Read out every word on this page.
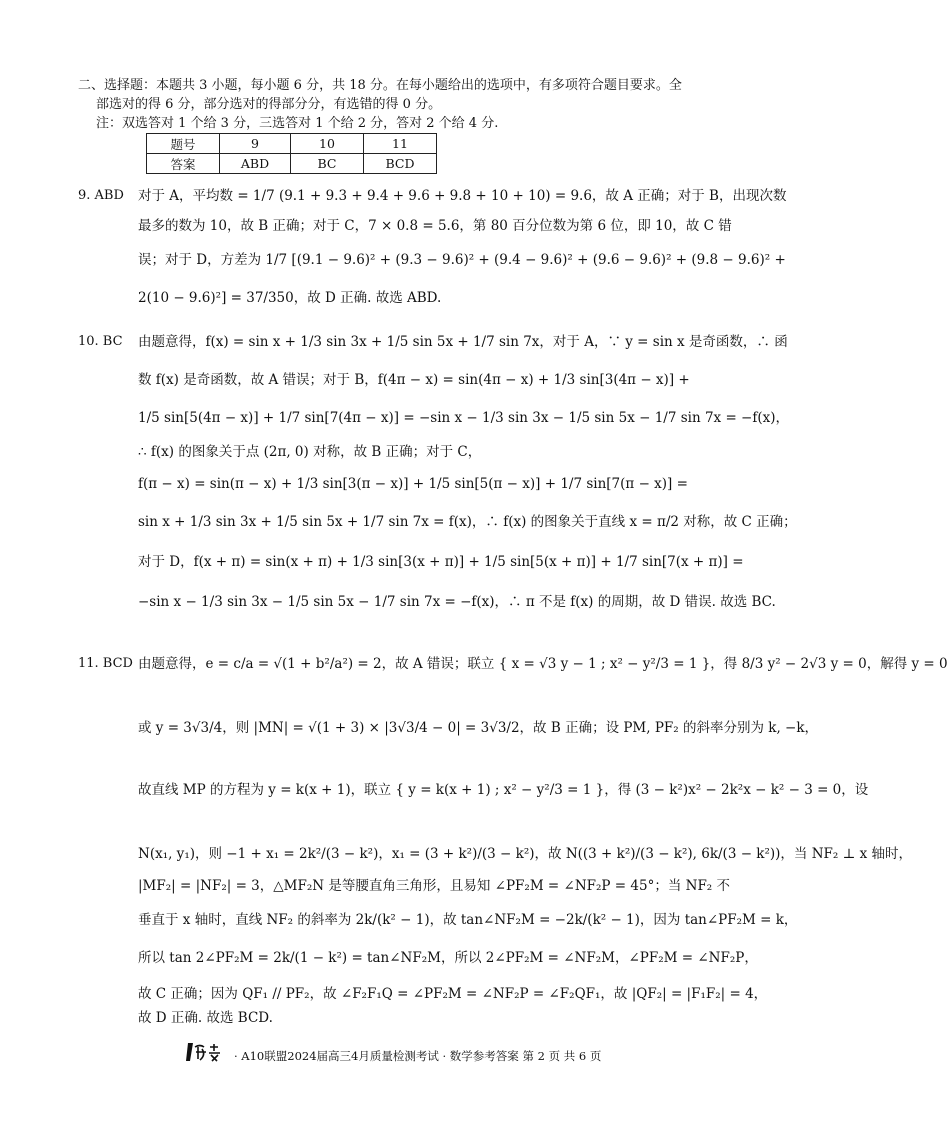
二、选择题：本题共 3 小题，每小题 6 分，共 18 分。在每小题给出的选项中，有多项符合题目要求。全
部选对的得 6 分，部分选对的得部分分，有选错的得 0 分。
注：双选答对 1 个给 3 分，三选答对 1 个给 2 分，答对 2 个给 4 分.
题号	9	10	11
答案	ABD	BC	BCD
9. ABD 对于 A，平均数 = 1/7 (9.1 + 9.3 + 9.4 + 9.6 + 9.8 + 10 + 10) = 9.6，故 A 正确；对于 B，出现次数
最多的数为 10，故 B 正确；对于 C，7 × 0.8 = 5.6，第 80 百分位数为第 6 位，即 10，故 C 错
误；对于 D，方差为 1/7 [(9.1 − 9.6)² + (9.3 − 9.6)² + (9.4 − 9.6)² + (9.6 − 9.6)² + (9.8 − 9.6)² +
2(10 − 9.6)²] = 37/350，故 D 正确. 故选 ABD.
10. BC 由题意得，f(x) = sin x + 1/3 sin 3x + 1/5 sin 5x + 1/7 sin 7x，对于 A，∵ y = sin x 是奇函数，∴ 函
数 f(x) 是奇函数，故 A 错误；对于 B，f(4π − x) = sin(4π − x) + 1/3 sin[3(4π − x)] +
1/5 sin[5(4π − x)] + 1/7 sin[7(4π − x)] = −sin x − 1/3 sin 3x − 1/5 sin 5x − 1/7 sin 7x = −f(x)，
∴ f(x) 的图象关于点 (2π, 0) 对称，故 B 正确；对于 C，
f(π − x) = sin(π − x) + 1/3 sin[3(π − x)] + 1/5 sin[5(π − x)] + 1/7 sin[7(π − x)] =
sin x + 1/3 sin 3x + 1/5 sin 5x + 1/7 sin 7x = f(x)，∴ f(x) 的图象关于直线 x = π/2 对称，故 C 正确；
对于 D，f(x + π) = sin(x + π) + 1/3 sin[3(x + π)] + 1/5 sin[5(x + π)] + 1/7 sin[7(x + π)] =
−sin x − 1/3 sin 3x − 1/5 sin 5x − 1/7 sin 7x = −f(x)，∴ π 不是 f(x) 的周期，故 D 错误. 故选 BC.
11. BCD 由题意得，e = c/a = √(1 + b²/a²) = 2，故 A 错误；联立 { x = √3 y − 1 ; x² − y²/3 = 1 }，得 8/3 y² − 2√3 y = 0，解得 y = 0
或 y = 3√3/4，则 |MN| = √(1 + 3) × |3√3/4 − 0| = 3√3/2，故 B 正确；设 PM, PF₂ 的斜率分别为 k, −k，
故直线 MP 的方程为 y = k(x + 1)，联立 { y = k(x + 1) ; x² − y²/3 = 1 }，得 (3 − k²)x² − 2k²x − k² − 3 = 0，设
N(x₁, y₁)，则 −1 + x₁ = 2k²/(3 − k²)，x₁ = (3 + k²)/(3 − k²)，故 N((3 + k²)/(3 − k²), 6k/(3 − k²))，当 NF₂ ⊥ x 轴时，
|MF₂| = |NF₂| = 3，△MF₂N 是等腰直角三角形，且易知 ∠PF₂M = ∠NF₂P = 45°；当 NF₂ 不
垂直于 x 轴时，直线 NF₂ 的斜率为 2k/(k² − 1)，故 tan∠NF₂M = −2k/(k² − 1)，因为 tan∠PF₂M = k，
所以 tan 2∠PF₂M = 2k/(1 − k²) = tan∠NF₂M，所以 2∠PF₂M = ∠NF₂M，∠PF₂M = ∠NF₂P，
故 C 正确；因为 QF₁ // PF₂，故 ∠F₂F₁Q = ∠PF₂M = ∠NF₂P = ∠F₂QF₁，故 |QF₂| = |F₁F₂| = 4，
故 D 正确. 故选 BCD.
· A10联盟2024届高三4月质量检测考试 · 数学参考答案 第 2 页 共 6 页
